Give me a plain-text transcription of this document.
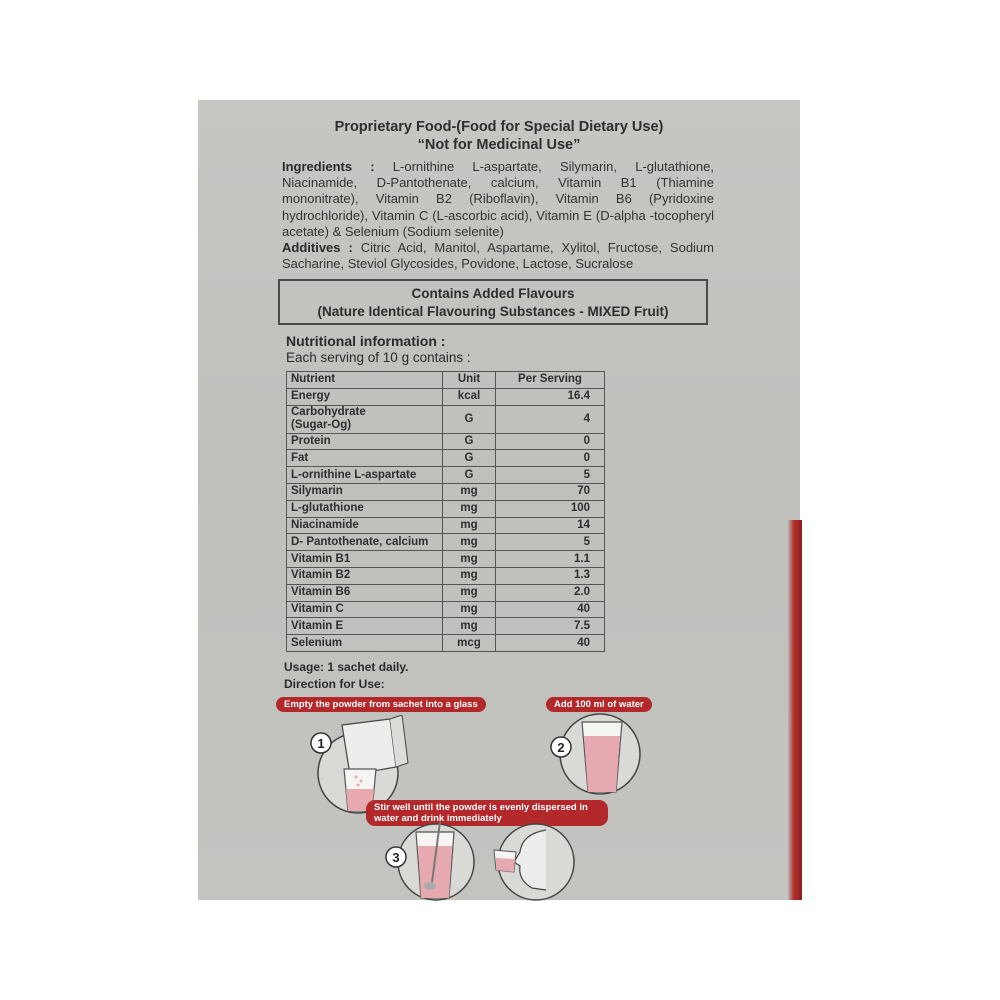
Proprietary Food-(Food for Special Dietary Use)
“Not for Medicinal Use”
Ingredients : L-ornithine L-aspartate, Silymarin, L-glutathione, Niacinamide, D-Pantothenate, calcium, Vitamin B1 (Thiamine mononitrate), Vitamin B2 (Riboflavin), Vitamin B6 (Pyridoxine hydrochloride), Vitamin C (L-ascorbic acid), Vitamin E (D-alpha -tocopheryl acetate) & Selenium (Sodium selenite)
Additives : Citric Acid, Manitol, Aspartame, Xylitol, Fructose, Sodium Sacharine, Steviol Glycosides, Povidone, Lactose, Sucralose
Contains Added Flavours
(Nature Identical Flavouring Substances - MIXED Fruit)
Nutritional information :
Each serving of 10 g contains :
Nutrient	Unit	Per Serving
Energy	kcal	16.4
Carbohydrate
(Sugar-Og)	G	4
Protein	G	0
Fat	G	0
L-ornithine L-aspartate	G	5
Silymarin	mg	70
L-glutathione	mg	100
Niacinamide	mg	14
D- Pantothenate, calcium	mg	5
Vitamin B1	mg	1.1
Vitamin B2	mg	1.3
Vitamin B6	mg	2.0
Vitamin C	mg	40
Vitamin E	mg	7.5
Selenium	mcg	40
Usage: 1 sachet daily.
Direction for Use:
Empty the powder from sachet into a glass
1
Add 100 ml of water
2
Stir well until the powder is evenly dispersed in water and drink immediately
3
